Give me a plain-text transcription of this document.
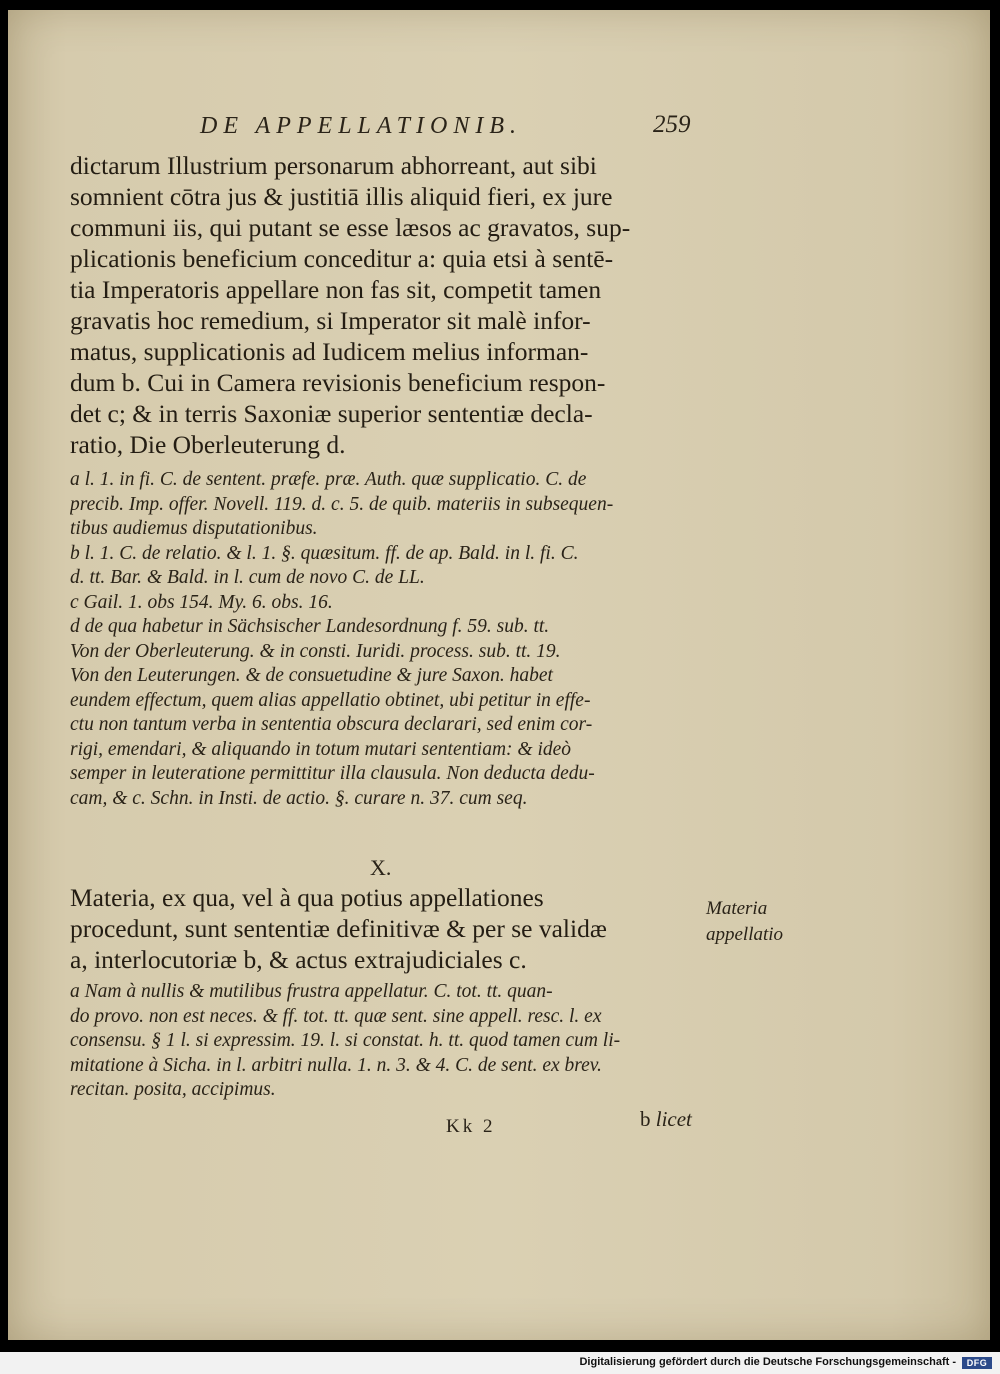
DE APPELLATIONIB.	259
dictarum Illustrium personarum abhorreant, aut sibi
somnient cōtra jus & justitiā illis aliquid fieri, ex jure
communi iis, qui putant se esse læsos ac gravatos, sup-
plicationis beneficium conceditur a: quia etsi à sentē-
tia Imperatoris appellare non fas sit, competit tamen
gravatis hoc remedium, si Imperator sit malè infor-
matus, supplicationis ad Iudicem melius informan-
dum b. Cui in Camera revisionis beneficium respon-
det c; & in terris Saxoniæ superior sententiæ decla-
ratio, Die Oberleuterung d.
a l. 1. in fi. C. de sentent. præfe. præ. Auth. quæ supplicatio. C. de
precib. Imp. offer. Novell. 119. d. c. 5. de quib. materiis in subsequen-
tibus audiemus disputationibus.
b l. 1. C. de relatio. & l. 1. §. quæsitum. ff. de ap. Bald. in l. fi. C.
d. tt. Bar. & Bald. in l. cum de novo C. de LL.
c Gail. 1. obs 154. My. 6. obs. 16.
d de qua habetur in Sächsischer Landesordnung f. 59. sub. tt.
Von der Oberleuterung. & in consti. Iuridi. process. sub. tt. 19.
Von den Leuterungen. & de consuetudine & jure Saxon. habet
eundem effectum, quem alias appellatio obtinet, ubi petitur in effe-
ctu non tantum verba in sententia obscura declarari, sed enim cor-
rigi, emendari, & aliquando in totum mutari sententiam: & ideò
semper in leuteratione permittitur illa clausula. Non deducta dedu-
cam, & c. Schn. in Insti. de actio. §. curare n. 37. cum seq.
X.
Materia, ex qua, vel à qua potius appellationes
procedunt, sunt sententiæ definitivæ & per se validæ
a, interlocutoriæ b, & actus extrajudiciales c.
Materia
appellatio
a Nam à nullis & mutilibus frustra appellatur. C. tot. tt. quan-
do provo. non est neces. & ff. tot. tt. quæ sent. sine appell. resc. l. ex
consensu. § 1 l. si expressim. 19. l. si constat. h. tt. quod tamen cum li-
mitatione à Sicha. in l. arbitri nulla. 1. n. 3. & 4. C. de sent. ex brev.
recitan. posita, accipimus.
Kk 2	b licet
Digitalisierung gefördert durch die Deutsche Forschungsgemeinschaft -	DFG
